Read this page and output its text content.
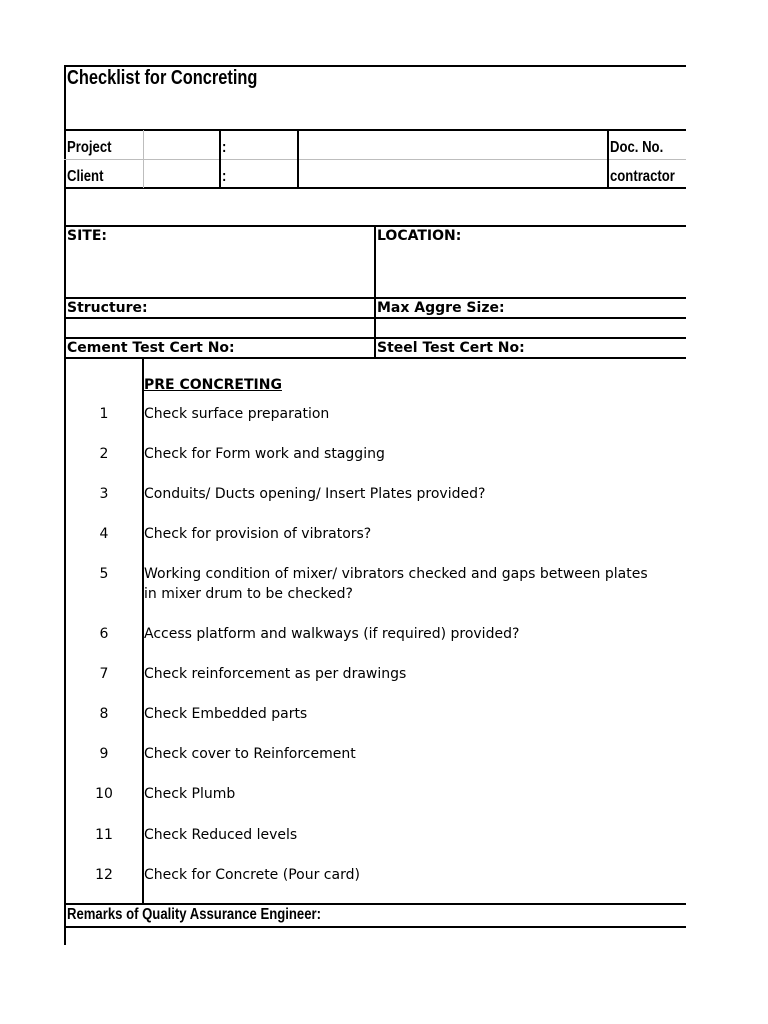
Checklist for Concreting
Project	:	Doc. No.
Client	:	contractor
SITE:	LOCATION:
Structure:	Max Aggre Size:
Cement Test Cert No:	Steel Test Cert No:
PRE CONCRETING
1	Check surface preparation
2	Check for Form work and stagging
3	Conduits/ Ducts opening/ Insert Plates provided?
4	Check for provision of vibrators?
5	Working condition of mixer/ vibrators checked and gaps between plates
in mixer drum to be checked?
6	Access platform and walkways (if required) provided?
7	Check reinforcement as per drawings
8	Check Embedded parts
9	Check cover to Reinforcement
10	Check Plumb
11	Check Reduced levels
12	Check for Concrete (Pour card)
Remarks of Quality Assurance Engineer:
